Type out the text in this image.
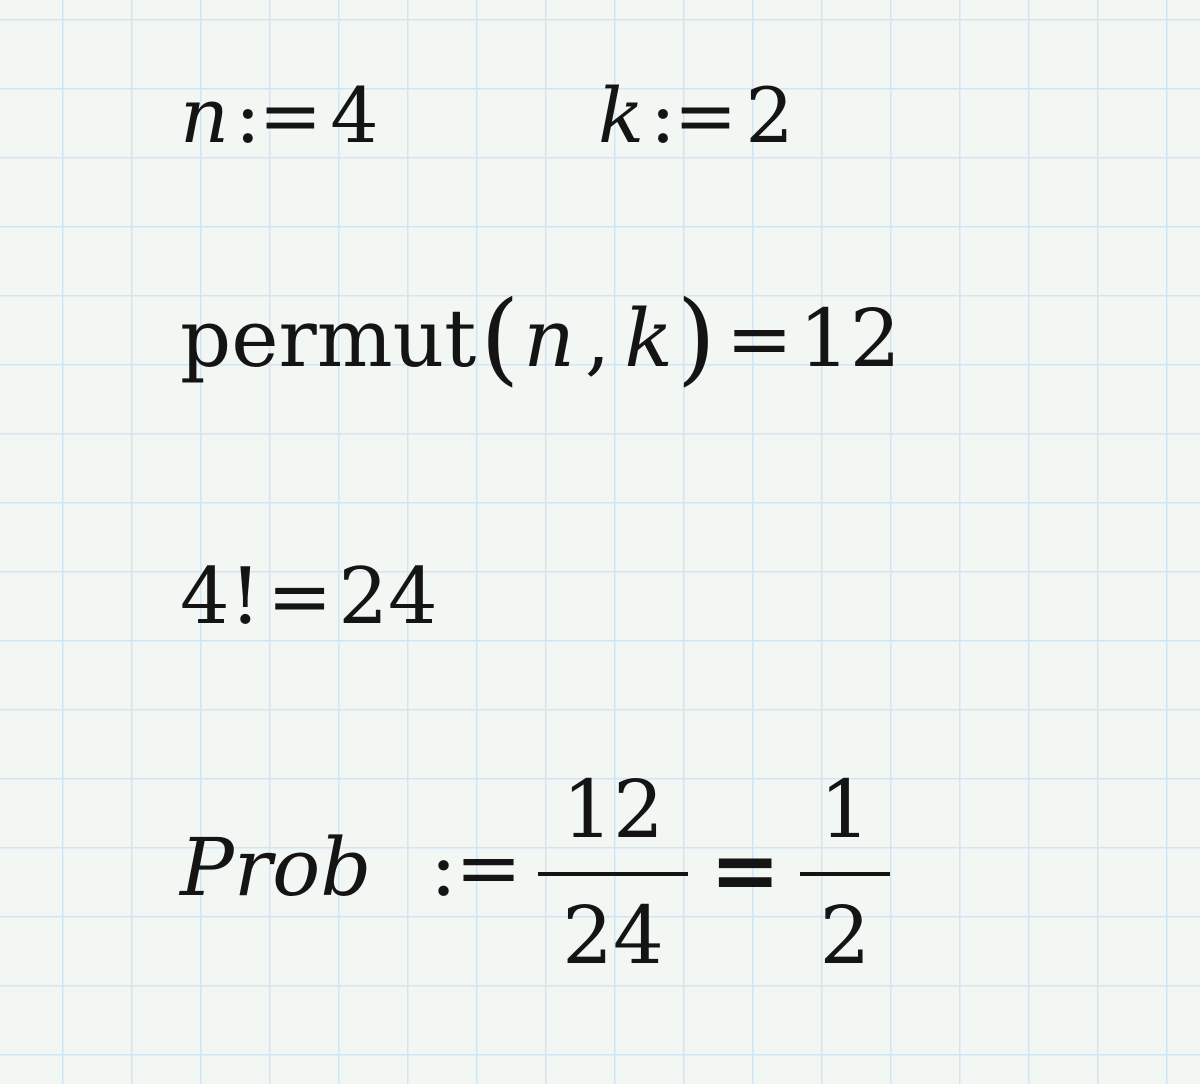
n:= 4	k:= 2
permut(n , k) =12
4!=24
Prob :=
12
24
=
1
2
